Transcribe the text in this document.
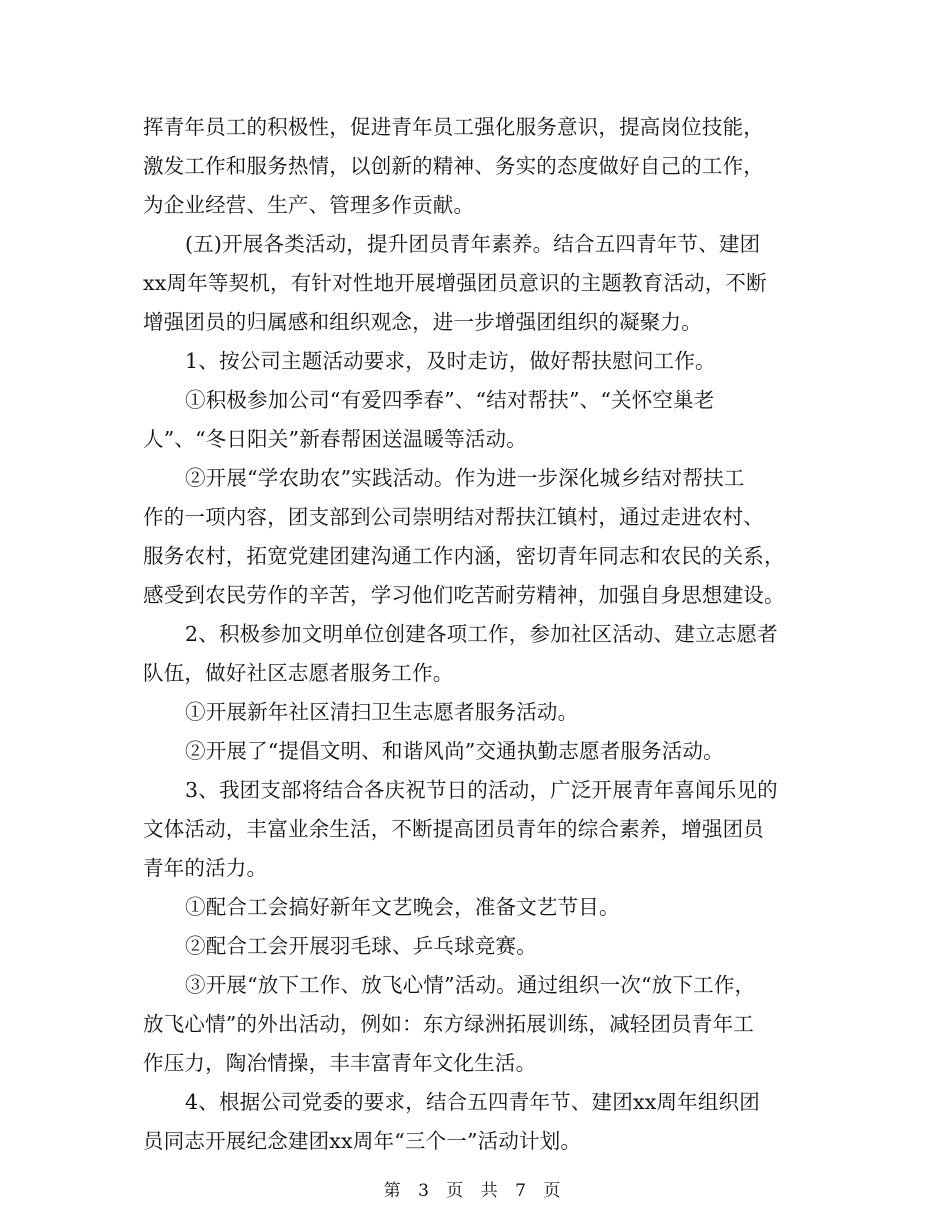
挥青年员工的积极性，促进青年员工强化服务意识，提高岗位技能，
激发工作和服务热情，以创新的精神、务实的态度做好自己的工作，
为企业经营、生产、管理多作贡献。
(五)开展各类活动，提升团员青年素养。结合五四青年节、建团
xx周年等契机，有针对性地开展增强团员意识的主题教育活动，不断
增强团员的归属感和组织观念，进一步增强团组织的凝聚力。
1、按公司主题活动要求，及时走访，做好帮扶慰问工作。
①积极参加公司“有爱四季春”、“结对帮扶”、“关怀空巢老
人”、“冬日阳关”新春帮困送温暖等活动。
②开展“学农助农”实践活动。作为进一步深化城乡结对帮扶工
作的一项内容，团支部到公司崇明结对帮扶江镇村，通过走进农村、
服务农村，拓宽党建团建沟通工作内涵，密切青年同志和农民的关系，
感受到农民劳作的辛苦，学习他们吃苦耐劳精神，加强自身思想建设。
2、积极参加文明单位创建各项工作，参加社区活动、建立志愿者
队伍，做好社区志愿者服务工作。
①开展新年社区清扫卫生志愿者服务活动。
②开展了“提倡文明、和谐风尚”交通执勤志愿者服务活动。
3、我团支部将结合各庆祝节日的活动，广泛开展青年喜闻乐见的
文体活动，丰富业余生活，不断提高团员青年的综合素养，增强团员
青年的活力。
①配合工会搞好新年文艺晚会，准备文艺节目。
②配合工会开展羽毛球、乒乓球竞赛。
③开展“放下工作、放飞心情”活动。通过组织一次“放下工作，
放飞心情”的外出活动，例如：东方绿洲拓展训练，减轻团员青年工
作压力，陶冶情操，丰丰富青年文化生活。
4、根据公司党委的要求，结合五四青年节、建团xx周年组织团
员同志开展纪念建团xx周年“三个一”活动计划。
第 3 页 共 7 页
